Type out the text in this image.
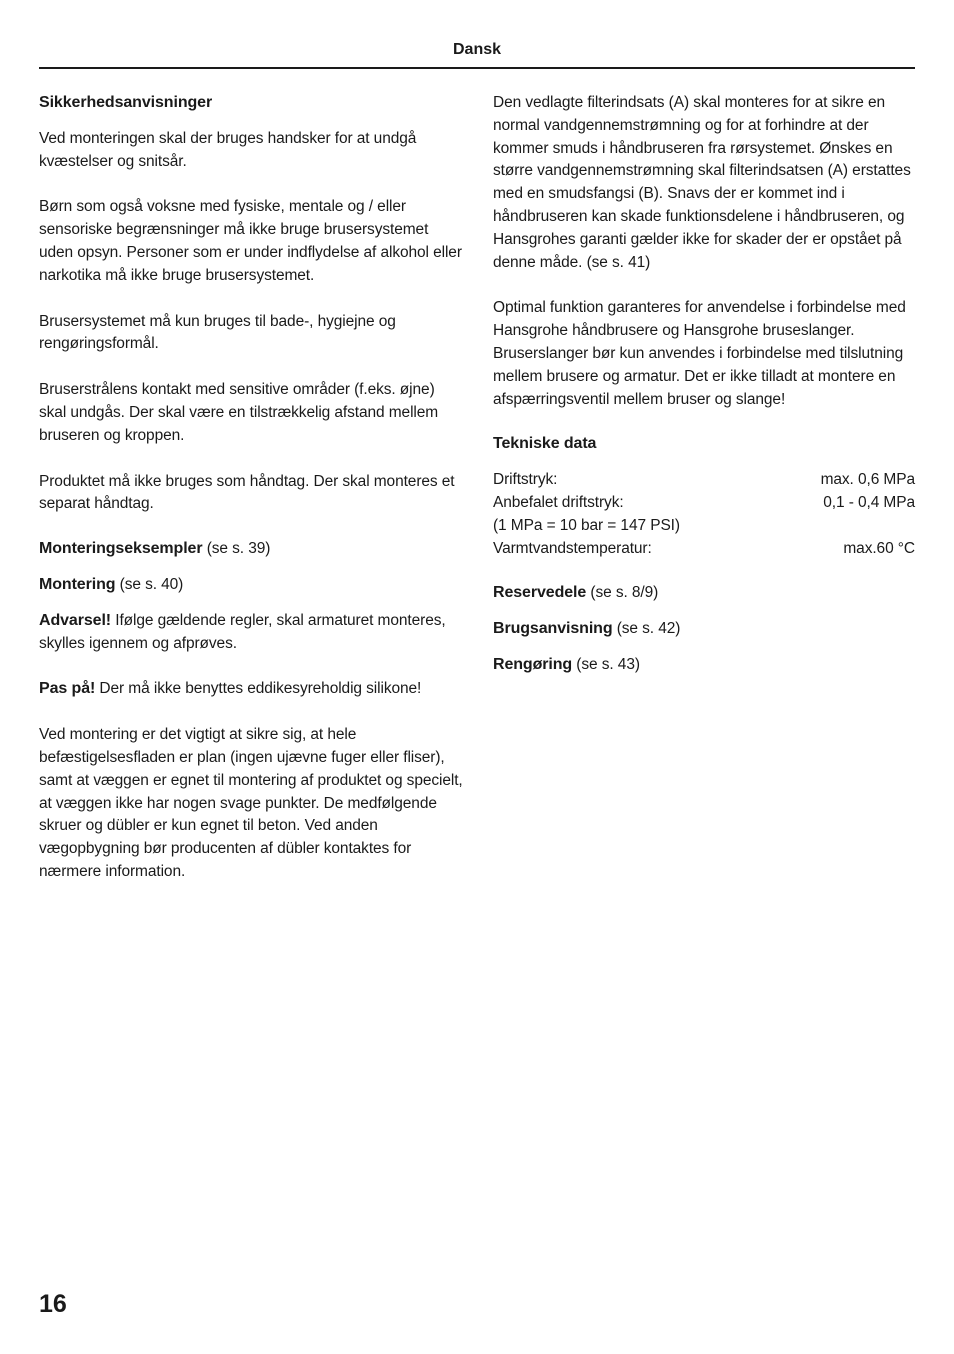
Dansk

Sikkerhedsanvisninger

Ved monteringen skal der bruges handsker for at undgå kvæstelser og snitsår.

Børn som også voksne med fysiske, mentale og / eller sensoriske begrænsninger må ikke bruge brusersystemet uden opsyn. Personer som er under indflydelse af alkohol eller narkotika må ikke bruge brusersystemet.

Brusersystemet må kun bruges til bade-, hygiejne og rengøringsformål.

Bruserstrålens kontakt med sensitive områder (f.eks. øjne) skal undgås. Der skal være en tilstrækkelig afstand mellem bruseren og kroppen.

Produktet må ikke bruges som håndtag. Der skal monteres et separat håndtag.

Monteringseksempler (se s. 39)

Montering (se s. 40)

Advarsel! Ifølge gældende regler, skal armaturet monteres, skylles igennem og afprøves.

Pas på! Der må ikke benyttes eddikesyreholdig silikone!

Ved montering er det vigtigt at sikre sig, at hele befæstigelsesfladen er plan (ingen ujævne fuger eller fliser), samt at væggen er egnet til montering af produktet og specielt, at væggen ikke har nogen svage punkter. De medfølgende skruer og dübler er kun egnet til beton. Ved anden vægopbygning bør producenten af dübler kontaktes for nærmere information.

Den vedlagte filterindsats (A) skal monteres for at sikre en normal vandgennemstrømning og for at forhindre at der kommer smuds i håndbruseren fra rørsystemet. Ønskes en større vandgennemstrømning skal filterindsatsen (A) erstattes med en smudsfangsi (B). Snavs der er kommet ind i håndbruseren kan skade funktionsdelene i håndbruseren, og Hansgrohes garanti gælder ikke for skader der er opstået på denne måde. (se s. 41)

Optimal funktion garanteres for anvendelse i forbindelse med Hansgrohe håndbrusere og Hansgrohe bruseslanger. Bruserslanger bør kun anvendes i forbindelse med tilslutning mellem brusere og armatur. Det er ikke tilladt at montere en afspærringsventil mellem bruser og slange!

Tekniske data

Driftstryk:	max. 0,6 MPa
Anbefalet driftstryk:	0,1 - 0,4 MPa
(1 MPa = 10 bar = 147 PSI)
Varmtvandstemperatur:	max.60 °C

Reservedele (se s. 8/9)

Brugsanvisning (se s. 42)

Rengøring (se s. 43)

16
